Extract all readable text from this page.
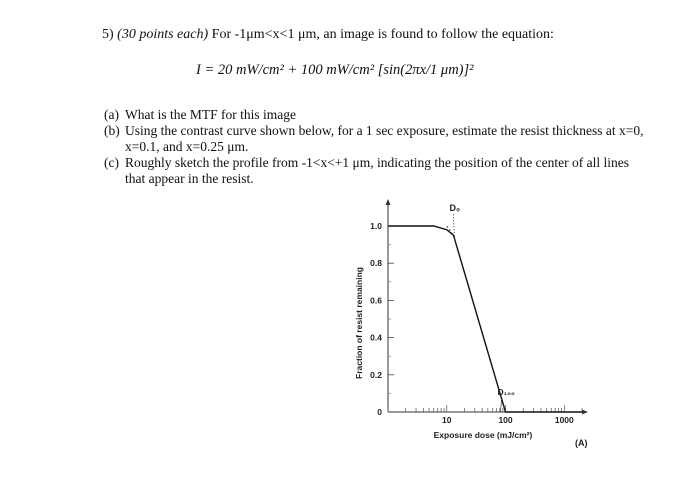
5) (30 points each) For -1μm<x<1 μm, an image is found to follow the equation:
I = 20 mW/cm² + 100 mW/cm² [sin(2πx/1 μm)]²
(a) What is the MTF for this image
(b) Using the contrast curve shown below, for a 1 sec exposure, estimate the resist thickness at x=0, x=0.1, and x=0.25 μm.
(c) Roughly sketch the profile from -1<x<+1 μm, indicating the position of the center of all lines that appear in the resist.
0
0.2
0.4
0.6
0.8
1.0
10	100	1000
Exposure dose (mJ/cm²)
Fraction of resist remaining
D₀
D₁₀₀
(A)
